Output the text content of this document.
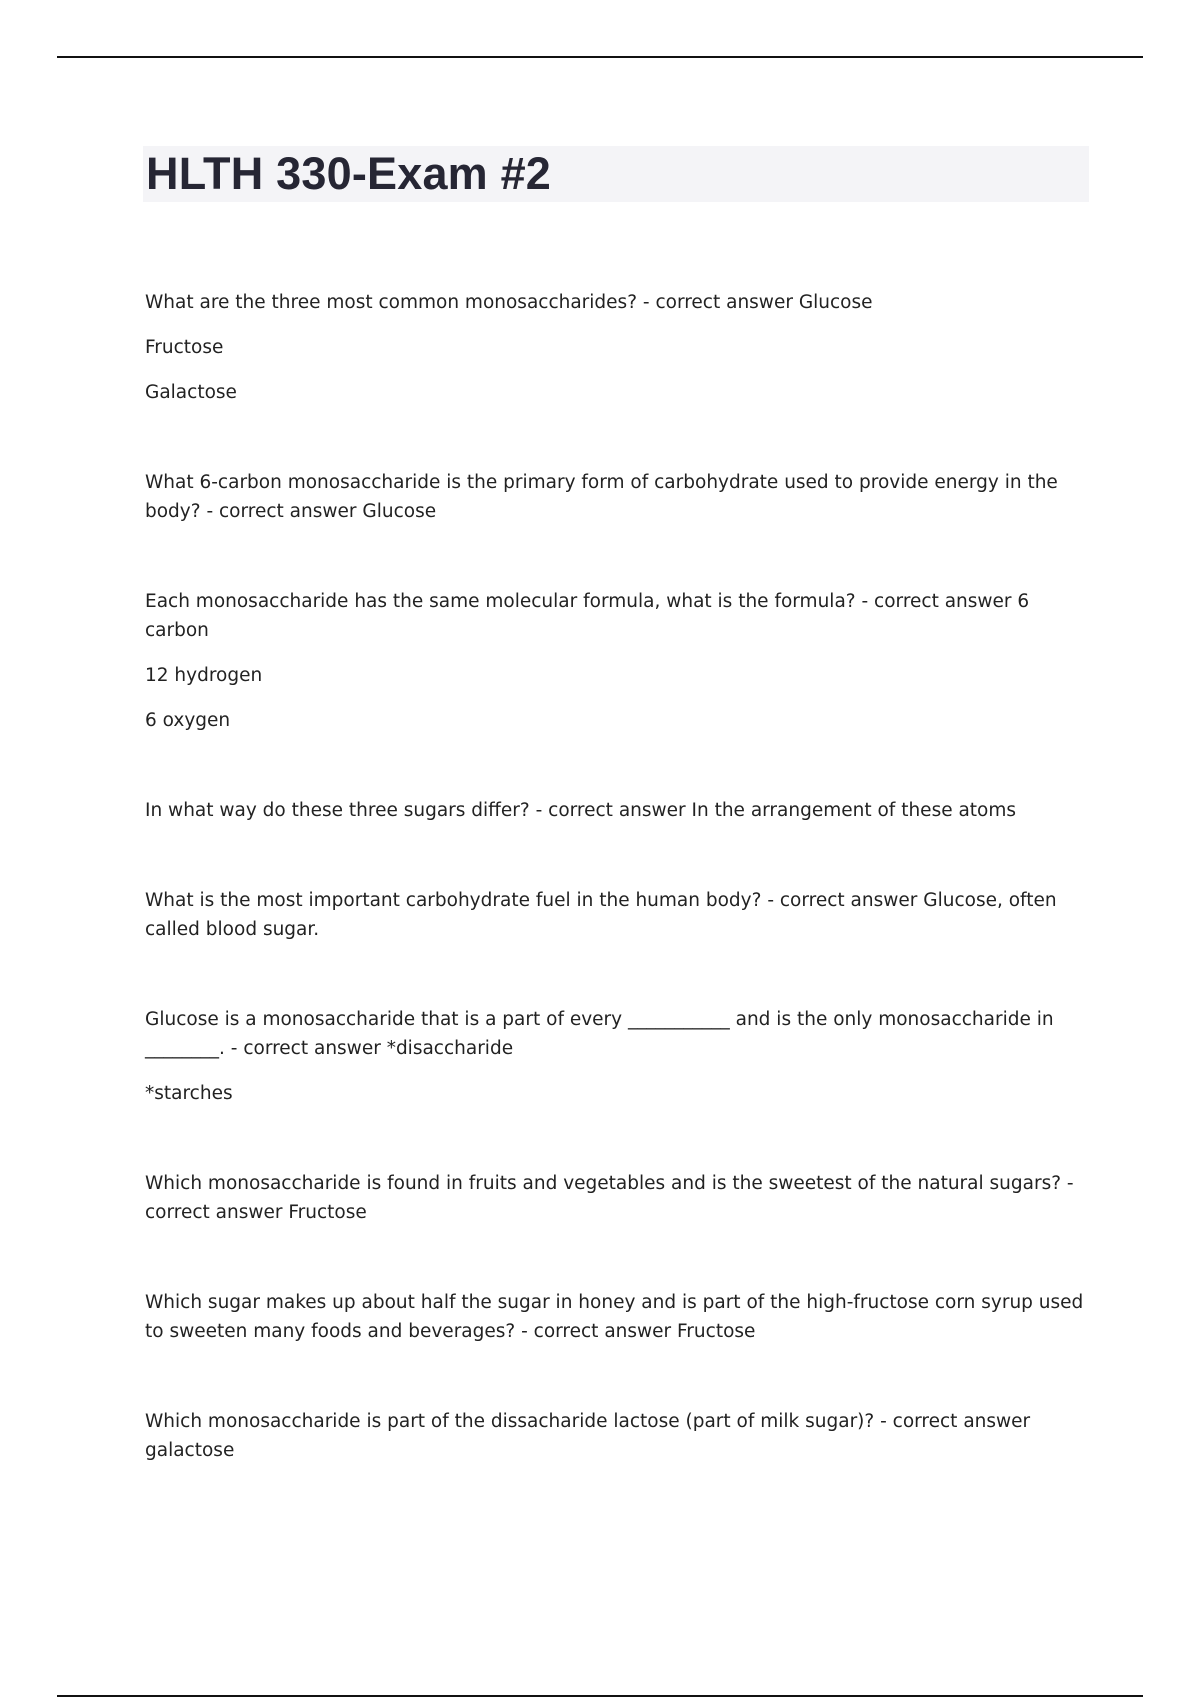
HLTH 330-Exam #2

What are the three most common monosaccharides? - correct answer Glucose

Fructose

Galactose

What 6-carbon monosaccharide is the primary form of carbohydrate used to provide energy in the body? - correct answer Glucose

Each monosaccharide has the same molecular formula, what is the formula? - correct answer 6 carbon

12 hydrogen

6 oxygen

In what way do these three sugars differ? - correct answer In the arrangement of these atoms

What is the most important carbohydrate fuel in the human body? - correct answer Glucose, often called blood sugar.

Glucose is a monosaccharide that is a part of every ___________ and is the only monosaccharide in ________. - correct answer *disaccharide

*starches

Which monosaccharide is found in fruits and vegetables and is the sweetest of the natural sugars? - correct answer Fructose

Which sugar makes up about half the sugar in honey and is part of the high-fructose corn syrup used to sweeten many foods and beverages? - correct answer Fructose

Which monosaccharide is part of the dissacharide lactose (part of milk sugar)? - correct answer galactose
